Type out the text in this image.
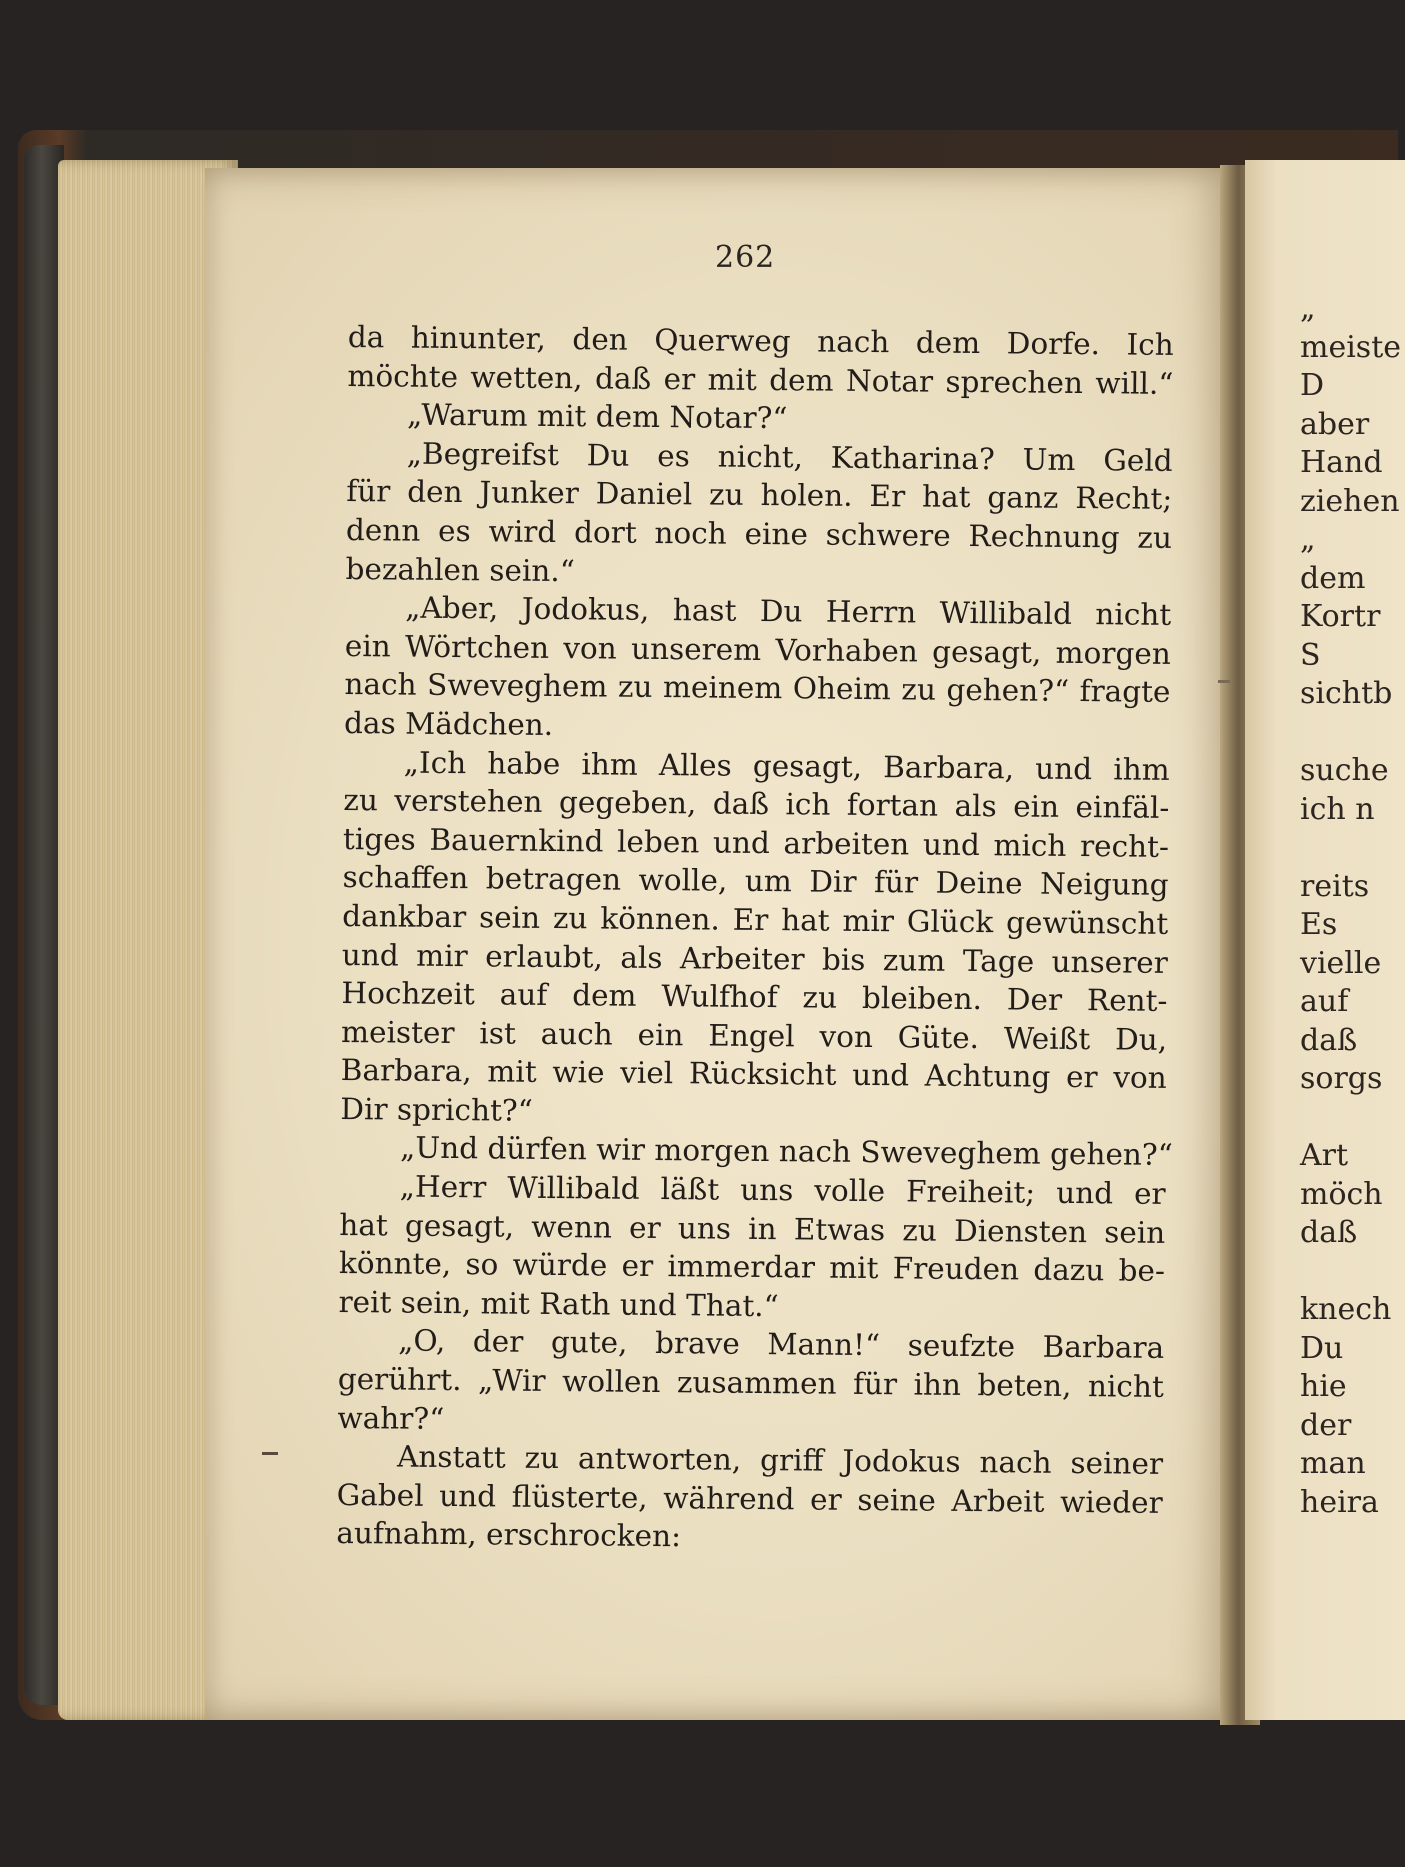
„
meiste
D
aber
Hand
ziehen
„
dem
Kortr
S
sichtb
suche
ich n
reits
Es
vielle
auf
daß
sorgs
Art
möch
daß
knech
Du
hie
der
man
heira
262
da hinunter, den Querweg nach dem Dorfe. Ich
möchte wetten, daß er mit dem Notar sprechen will.“
„Warum mit dem Notar?“
„Begreifst Du es nicht, Katharina? Um Geld
für den Junker Daniel zu holen. Er hat ganz Recht;
denn es wird dort noch eine schwere Rechnung zu
bezahlen sein.“
„Aber, Jodokus, hast Du Herrn Willibald nicht
ein Wörtchen von unserem Vorhaben gesagt, morgen
nach Sweveghem zu meinem Oheim zu gehen?“ fragte
das Mädchen.
„Ich habe ihm Alles gesagt, Barbara, und ihm
zu verstehen gegeben, daß ich fortan als ein einfäl-
tiges Bauernkind leben und arbeiten und mich recht-
schaffen betragen wolle, um Dir für Deine Neigung
dankbar sein zu können. Er hat mir Glück gewünscht
und mir erlaubt, als Arbeiter bis zum Tage unserer
Hochzeit auf dem Wulfhof zu bleiben. Der Rent-
meister ist auch ein Engel von Güte. Weißt Du,
Barbara, mit wie viel Rücksicht und Achtung er von
Dir spricht?“
„Und dürfen wir morgen nach Sweveghem gehen?“
„Herr Willibald läßt uns volle Freiheit; und er
hat gesagt, wenn er uns in Etwas zu Diensten sein
könnte, so würde er immerdar mit Freuden dazu be-
reit sein, mit Rath und That.“
„O, der gute, brave Mann!“ seufzte Barbara
gerührt. „Wir wollen zusammen für ihn beten, nicht
wahr?“
Anstatt zu antworten, griff Jodokus nach seiner
Gabel und flüsterte, während er seine Arbeit wieder
aufnahm, erschrocken:
